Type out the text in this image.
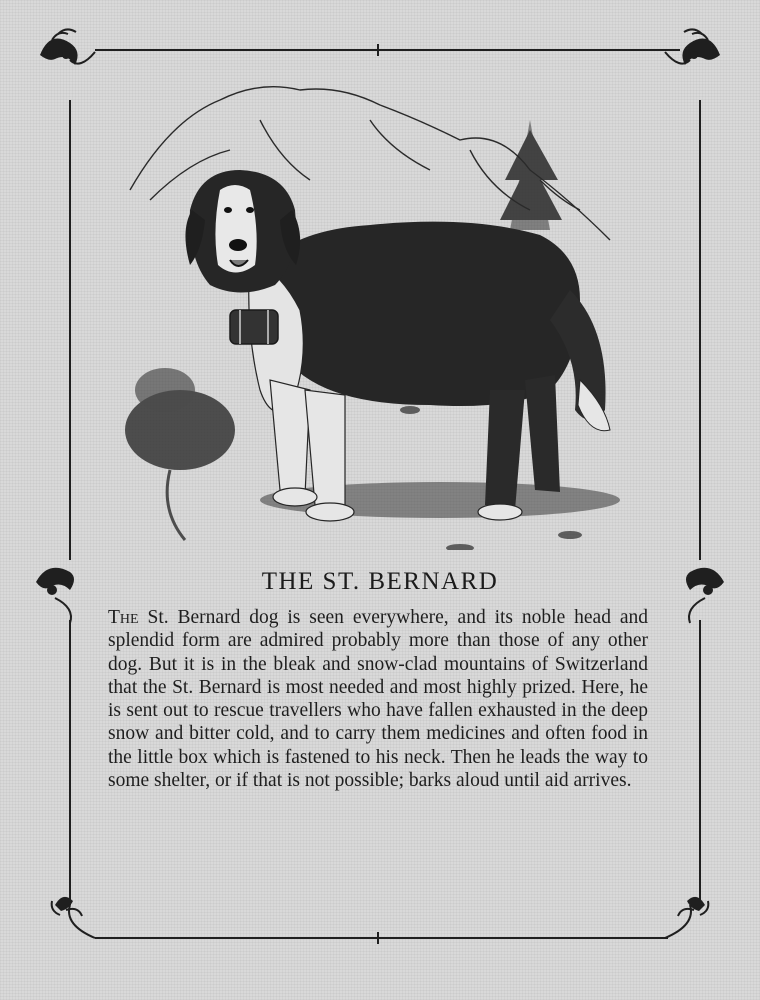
THE ST. BERNARD

The St. Bernard dog is seen everywhere, and its noble head and splendid form are admired probably more than those of any other dog. But it is in the bleak and snow-clad mountains of Switzerland that the St. Bernard is most needed and most highly prized. Here, he is sent out to rescue travellers who have fallen exhausted in the deep snow and bitter cold, and to carry them medicines and often food in the little box which is fastened to his neck. Then he leads the way to some shelter, or if that is not possible; barks aloud until aid arrives.
